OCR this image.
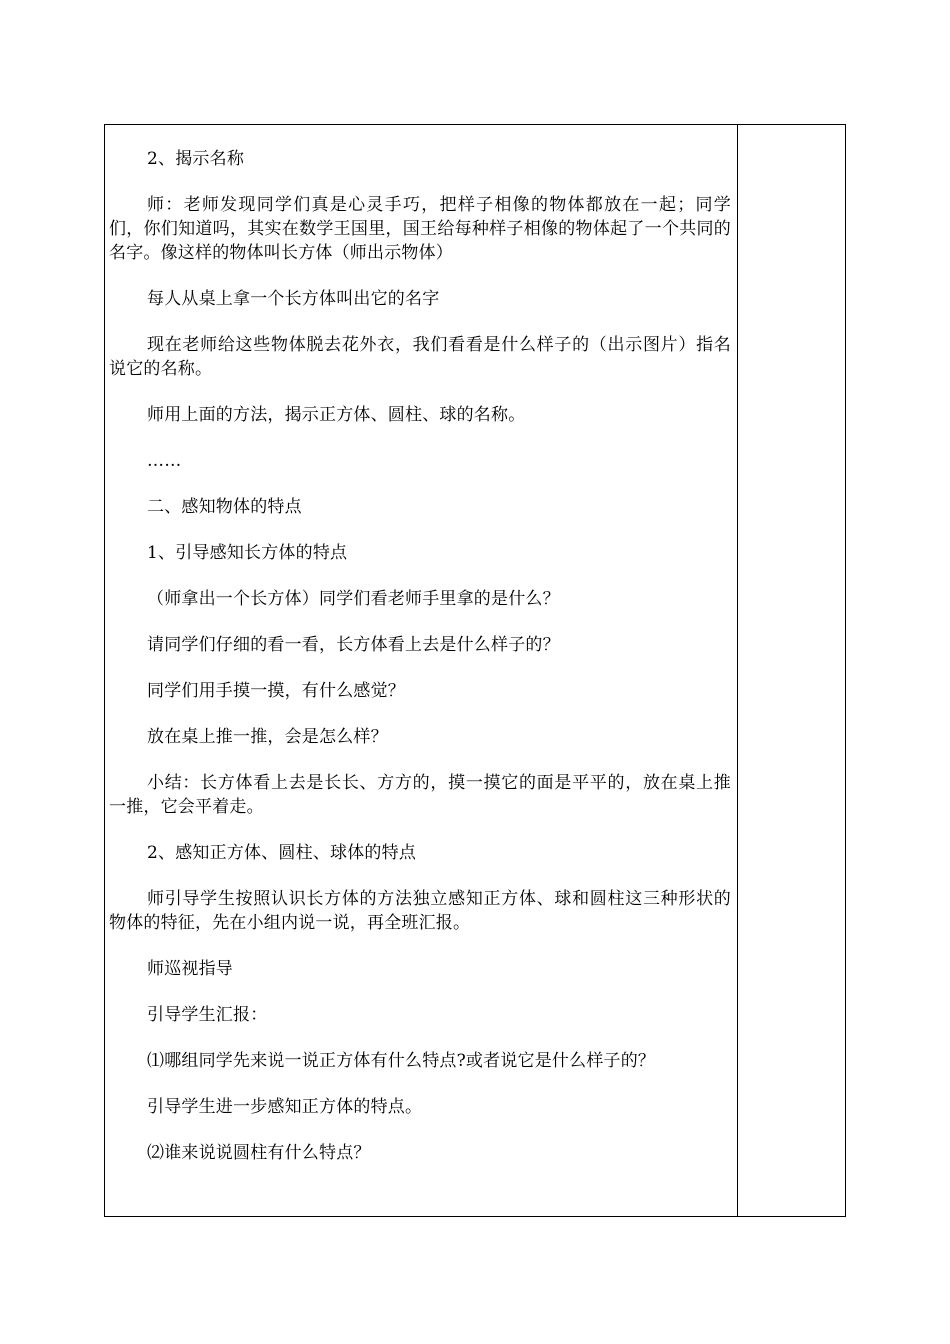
2、揭示名称

师：老师发现同学们真是心灵手巧，把样子相像的物体都放在一起；同学们，你们知道吗，其实在数学王国里，国王给每种样子相像的物体起了一个共同的名字。像这样的物体叫长方体（师出示物体）

每人从桌上拿一个长方体叫出它的名字

现在老师给这些物体脱去花外衣，我们看看是什么样子的（出示图片）指名说它的名称。

师用上面的方法，揭示正方体、圆柱、球的名称。

……

二、感知物体的特点

1、引导感知长方体的特点

（师拿出一个长方体）同学们看老师手里拿的是什么？

请同学们仔细的看一看，长方体看上去是什么样子的？

同学们用手摸一摸，有什么感觉？

放在桌上推一推，会是怎么样？

小结：长方体看上去是长长、方方的，摸一摸它的面是平平的，放在桌上推一推，它会平着走。

2、感知正方体、圆柱、球体的特点

师引导学生按照认识长方体的方法独立感知正方体、球和圆柱这三种形状的物体的特征，先在小组内说一说，再全班汇报。

师巡视指导

引导学生汇报：

⑴哪组同学先来说一说正方体有什么特点?或者说它是什么样子的？

引导学生进一步感知正方体的特点。

⑵谁来说说圆柱有什么特点？
